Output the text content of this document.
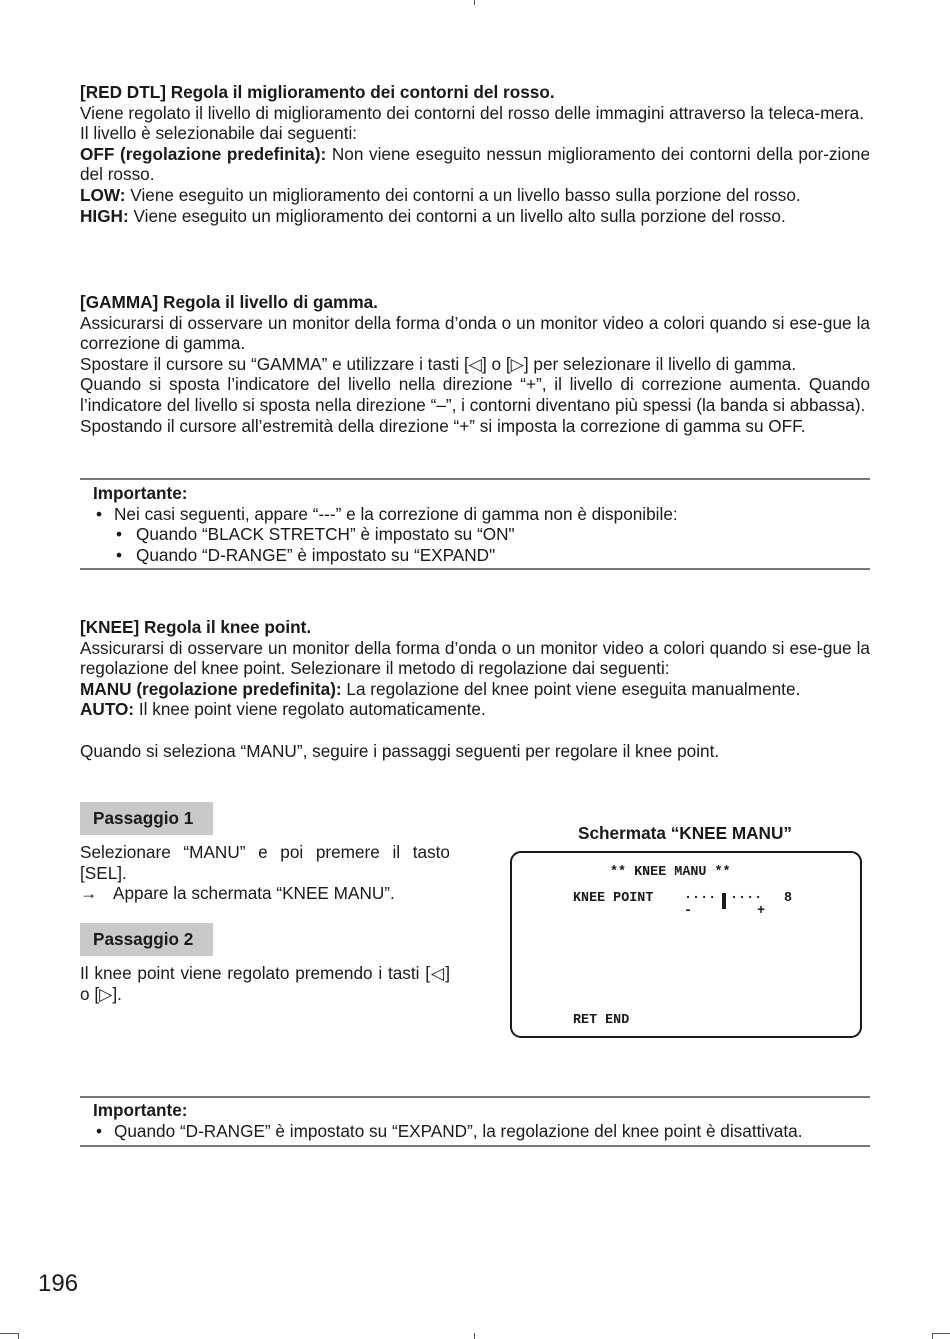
[RED DTL] Regola il miglioramento dei contorni del rosso.

Viene regolato il livello di miglioramento dei contorni del rosso delle immagini attraverso la teleca-mera.

Il livello è selezionabile dai seguenti:

OFF (regolazione predefinita): Non viene eseguito nessun miglioramento dei contorni della por-zione del rosso.

LOW: Viene eseguito un miglioramento dei contorni a un livello basso sulla porzione del rosso.

HIGH: Viene eseguito un miglioramento dei contorni a un livello alto sulla porzione del rosso.

[GAMMA] Regola il livello di gamma.

Assicurarsi di osservare un monitor della forma d’onda o un monitor video a colori quando si ese-gue la correzione di gamma.

Spostare il cursore su “GAMMA” e utilizzare i tasti [◁] o [▷] per selezionare il livello di gamma.

Quando si sposta l’indicatore del livello nella direzione “+”, il livello di correzione aumenta. Quando l’indicatore del livello si sposta nella direzione “–”, i contorni diventano più spessi (la banda si abbassa).

Spostando il cursore all’estremità della direzione “+” si imposta la correzione di gamma su OFF.

Importante:
• Nei casi seguenti, appare “---” e la correzione di gamma non è disponibile:
• Quando “BLACK STRETCH” è impostato su “ON"
• Quando “D-RANGE” è impostato su “EXPAND"

[KNEE] Regola il knee point.

Assicurarsi di osservare un monitor della forma d’onda o un monitor video a colori quando si ese-gue la regolazione del knee point. Selezionare il metodo di regolazione dai seguenti:

MANU (regolazione predefinita): La regolazione del knee point viene eseguita manualmente.

AUTO: Il knee point viene regolato automaticamente.

Quando si seleziona “MANU”, seguire i passaggi seguenti per regolare il knee point.

Passaggio 1

Selezionare “MANU” e poi premere il tasto [SEL].

→ Appare la schermata “KNEE MANU”.

Passaggio 2

Il knee point viene regolato premendo i tasti [◁] o [▷].

Schermata “KNEE MANU”
** KNEE MANU **
KNEE POINT ···· ···· 8
-	+
RET END
Importante:
• Quando “D-RANGE” è impostato su “EXPAND”, la regolazione del knee point è disattivata.
196
